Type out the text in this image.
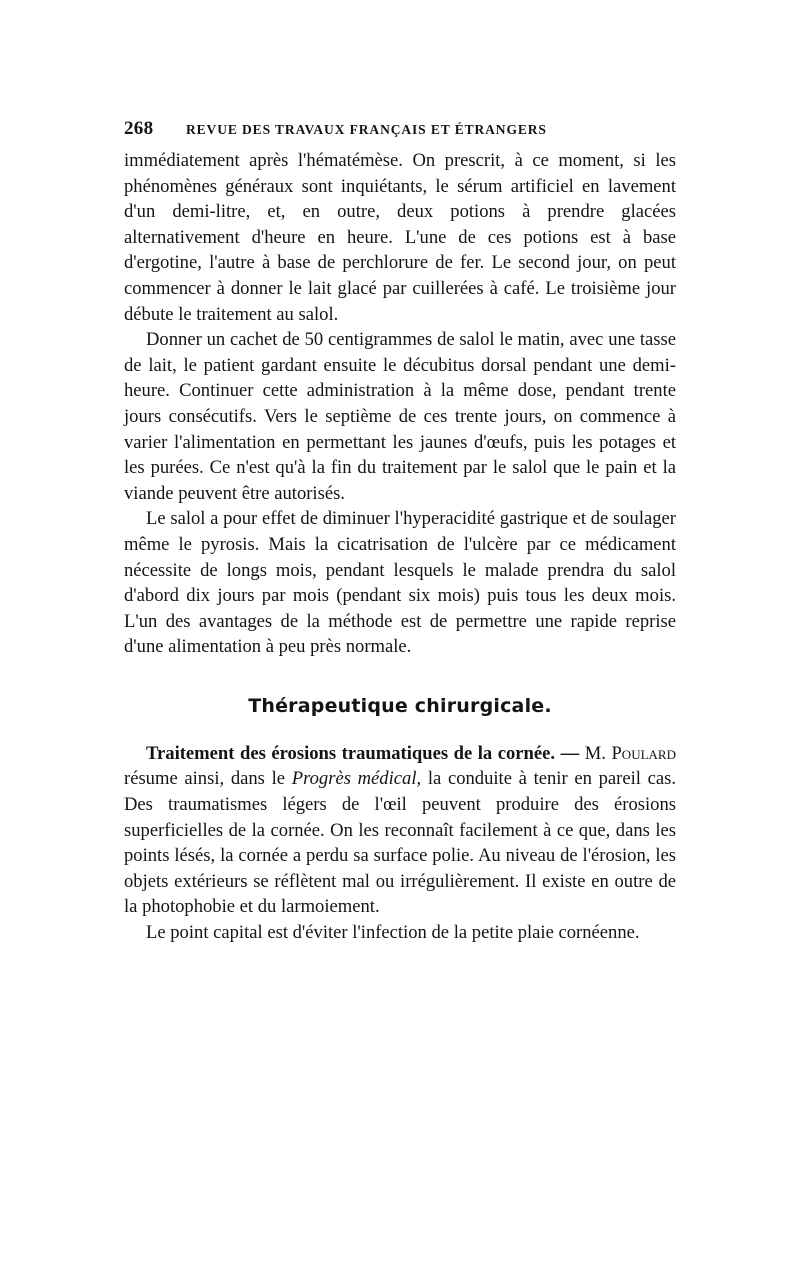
268	REVUE DES TRAVAUX FRANÇAIS ET ÉTRANGERS

immédiatement après l'hématémèse. On prescrit, à ce moment, si les phénomènes généraux sont inquiétants, le sérum artificiel en lavement d'un demi-litre, et, en outre, deux potions à prendre glacées alternativement d'heure en heure. L'une de ces potions est à base d'ergotine, l'autre à base de perchlorure de fer. Le second jour, on peut commencer à donner le lait glacé par cuillerées à café. Le troisième jour débute le traitement au salol.

Donner un cachet de 50 centigrammes de salol le matin, avec une tasse de lait, le patient gardant ensuite le décubitus dorsal pendant une demi-heure. Continuer cette administration à la même dose, pendant trente jours consécutifs. Vers le septième de ces trente jours, on commence à varier l'alimentation en permettant les jaunes d'œufs, puis les potages et les purées. Ce n'est qu'à la fin du traitement par le salol que le pain et la viande peuvent être autorisés.

Le salol a pour effet de diminuer l'hyperacidité gastrique et de soulager même le pyrosis. Mais la cicatrisation de l'ulcère par ce médicament nécessite de longs mois, pendant lesquels le malade prendra du salol d'abord dix jours par mois (pendant six mois) puis tous les deux mois. L'un des avantages de la méthode est de permettre une rapide reprise d'une alimentation à peu près normale.

Thérapeutique chirurgicale.

Traitement des érosions traumatiques de la cornée. — M. Poulard résume ainsi, dans le Progrès médical, la conduite à tenir en pareil cas. Des traumatismes légers de l'œil peuvent produire des érosions superficielles de la cornée. On les reconnaît facilement à ce que, dans les points lésés, la cornée a perdu sa surface polie. Au niveau de l'érosion, les objets extérieurs se réflètent mal ou irrégulièrement. Il existe en outre de la photophobie et du larmoiement.

Le point capital est d'éviter l'infection de la petite plaie cornéenne.
